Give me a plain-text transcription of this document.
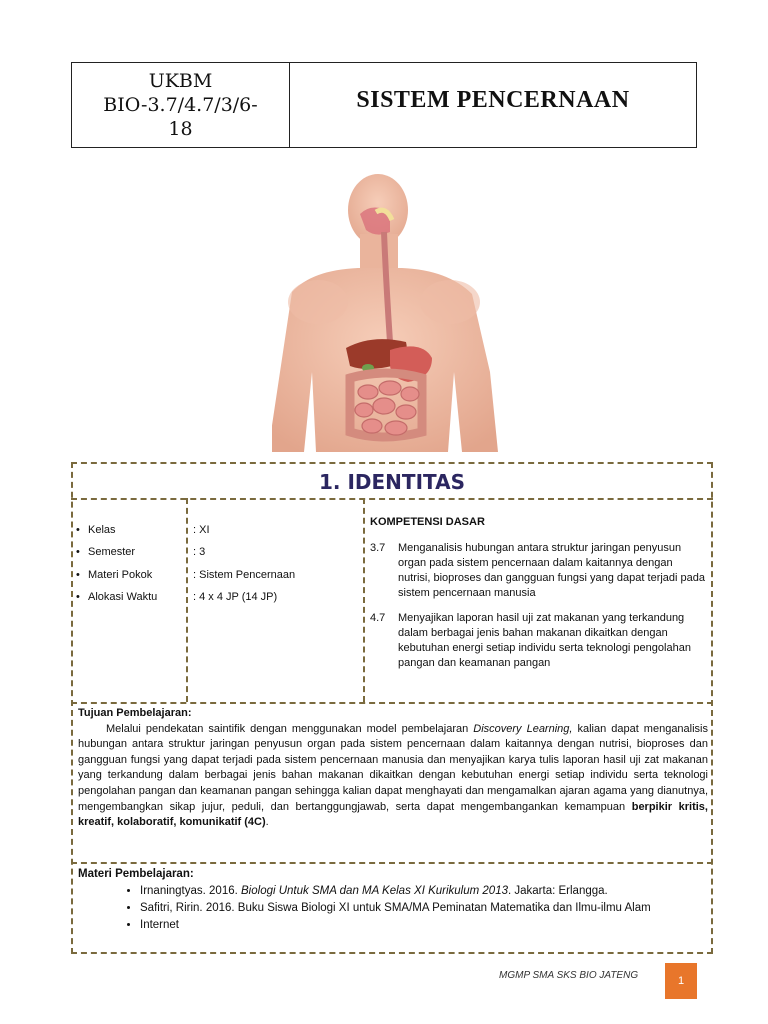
UKBM
BIO-3.7/4.7/3/6-
18
SISTEM PENCERNAAN
1. IDENTITAS
• Kelas	: XI
• Semester	: 3
• Materi Pokok	: Sistem Pencernaan
• Alokasi Waktu	: 4 x 4 JP (14 JP)
KOMPETENSI DASAR
3.7	Menganalisis hubungan antara struktur jaringan penyusun organ pada sistem pencernaan dalam kaitannya dengan nutrisi, bioproses dan gangguan fungsi yang dapat terjadi pada sistem pencernaan manusia
4.7	Menyajikan laporan hasil uji zat makanan yang terkandung dalam berbagai jenis bahan makanan dikaitkan dengan kebutuhan energi setiap individu serta teknologi pengolahan pangan dan keamanan pangan
Tujuan Pembelajaran:
Melalui pendekatan saintifik dengan menggunakan model pembelajaran Discovery Learning, kalian dapat menganalisis hubungan antara struktur jaringan penyusun organ pada sistem pencernaan dalam kaitannya dengan nutrisi, bioproses dan gangguan fungsi yang dapat terjadi pada sistem pencernaan manusia dan menyajikan karya tulis laporan hasil uji zat makanan yang terkandung dalam berbagai jenis bahan makanan dikaitkan dengan kebutuhan energi setiap individu serta teknologi pengolahan pangan dan keamanan pangan sehingga kalian dapat menghayati dan mengamalkan ajaran agama yang dianutnya, mengembangkan sikap jujur, peduli, dan bertanggungjawab, serta dapat mengembangankan kemampuan berpikir kritis, kreatif, kolaboratif, komunikatif (4C).
Materi Pembelajaran:
• Irnaningtyas. 2016. Biologi Untuk SMA dan MA Kelas XI Kurikulum 2013. Jakarta: Erlangga.
• Safitri, Ririn. 2016. Buku Siswa Biologi XI untuk SMA/MA Peminatan Matematika dan Ilmu-ilmu Alam
• Internet
MGMP SMA SKS BIO JATENG	1
